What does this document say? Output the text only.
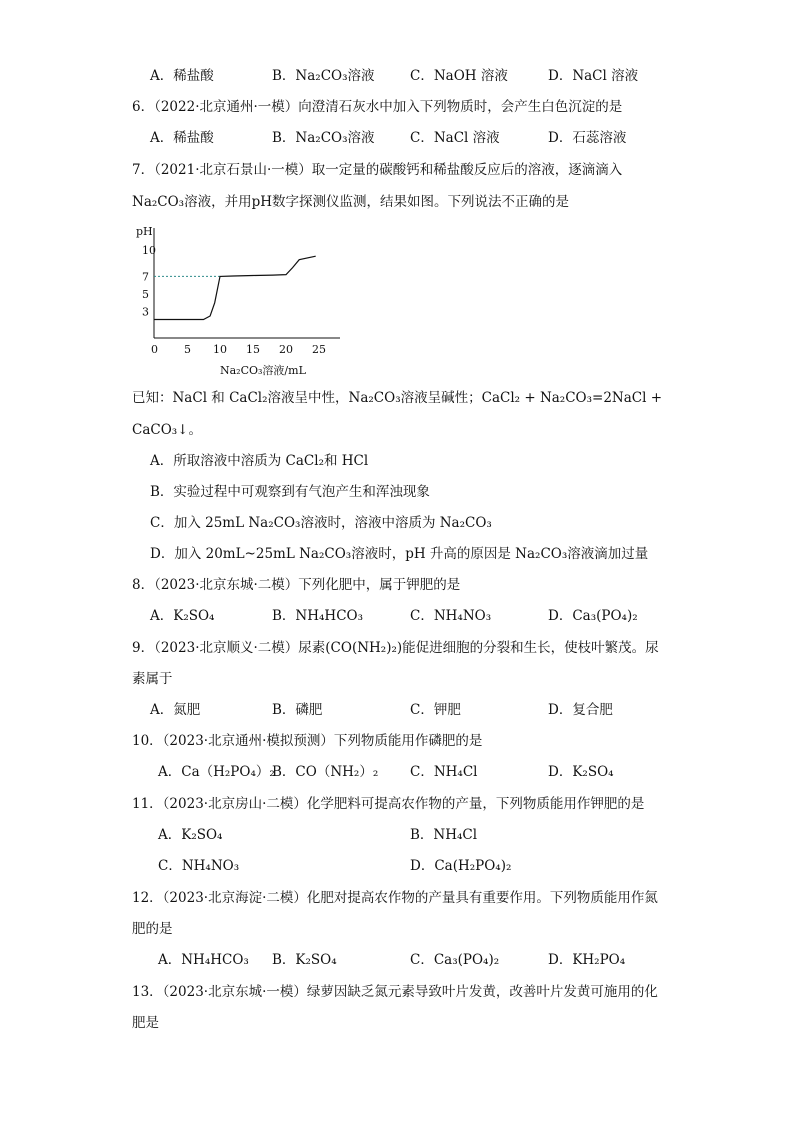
A．稀盐酸	B．Na₂CO₃溶液	C．NaOH 溶液	D．NaCl 溶液
6．（2022·北京通州·一模）向澄清石灰水中加入下列物质时，会产生白色沉淀的是
A．稀盐酸	B．Na₂CO₃溶液	C．NaCl 溶液	D．石蕊溶液
7．（2021·北京石景山·一模）取一定量的碳酸钙和稀盐酸反应后的溶液，逐滴滴入
Na₂CO₃溶液，并用pH数字探测仪监测，结果如图。下列说法不正确的是
pH
10
7
5
3
0 5 10 15 20 25
Na₂CO₃溶液/mL
已知：NaCl 和 CaCl₂溶液呈中性，Na₂CO₃溶液呈碱性；CaCl₂ + Na₂CO₃=2NaCl +
CaCO₃↓。
A．所取溶液中溶质为 CaCl₂和 HCl
B．实验过程中可观察到有气泡产生和浑浊现象
C．加入 25mL Na₂CO₃溶液时，溶液中溶质为 Na₂CO₃
D．加入 20mL~25mL Na₂CO₃溶液时，pH 升高的原因是 Na₂CO₃溶液滴加过量
8．（2023·北京东城·二模）下列化肥中，属于钾肥的是
A．K₂SO₄	B．NH₄HCO₃	C．NH₄NO₃	D．Ca₃(PO₄)₂
9．（2023·北京顺义·二模）尿素(CO(NH₂)₂)能促进细胞的分裂和生长，使枝叶繁茂。尿
素属于
A．氮肥	B．磷肥	C．钾肥	D．复合肥
10．（2023·北京通州·模拟预测）下列物质能用作磷肥的是
A．Ca（H₂PO₄）₂
B．CO（NH₂）₂ C．NH₄Cl	D．K₂SO₄
11．（2023·北京房山·二模）化学肥料可提高农作物的产量，下列物质能用作钾肥的是
A．K₂SO₄	B．NH₄Cl
C．NH₄NO₃	D．Ca(H₂PO₄)₂
12．（2023·北京海淀·二模）化肥对提高农作物的产量具有重要作用。下列物质能用作氮
肥的是
A．NH₄HCO₃ B．K₂SO₄	C．Ca₃(PO₄)₂	D．KH₂PO₄
13．（2023·北京东城·一模）绿萝因缺乏氮元素导致叶片发黄，改善叶片发黄可施用的化
肥是
